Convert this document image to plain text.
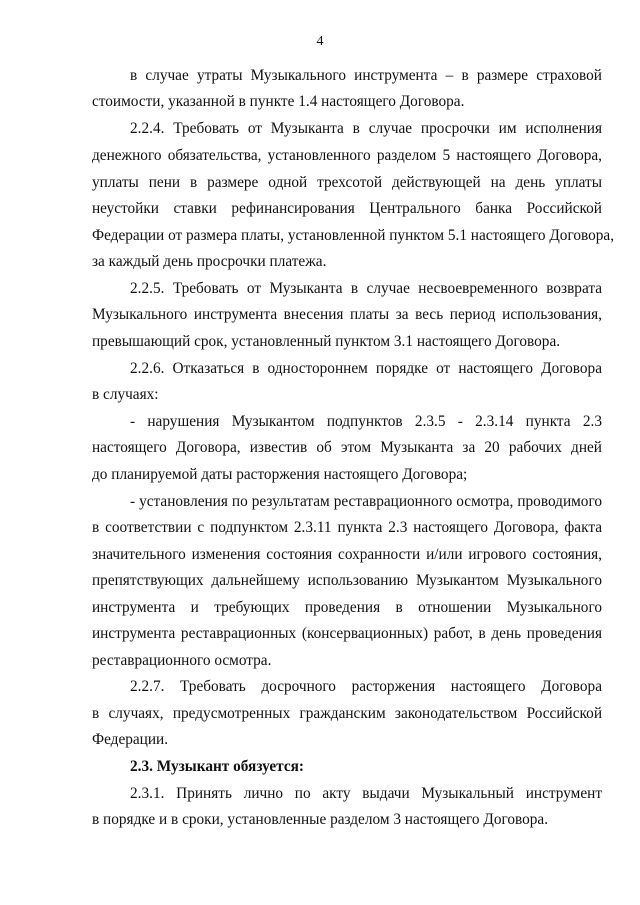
4
в случае утраты Музыкального инструмента – в размере страховой
стоимости, указанной в пункте 1.4 настоящего Договора.
2.2.4. Требовать от Музыканта в случае просрочки им исполнения
денежного обязательства, установленного разделом 5 настоящего Договора,
уплаты пени в размере одной трехсотой действующей на день уплаты
неустойки ставки рефинансирования Центрального банка Российской
Федерации от размера платы, установленной пунктом 5.1 настоящего Договора,
за каждый день просрочки платежа.
2.2.5. Требовать от Музыканта в случае несвоевременного возврата
Музыкального инструмента внесения платы за весь период использования,
превышающий срок, установленный пунктом 3.1 настоящего Договора.
2.2.6. Отказаться в одностороннем порядке от настоящего Договора
в случаях:
- нарушения Музыкантом подпунктов 2.3.5 - 2.3.14 пункта 2.3
настоящего Договора, известив об этом Музыканта за 20 рабочих дней
до планируемой даты расторжения настоящего Договора;
- установления по результатам реставрационного осмотра, проводимого
в соответствии с подпунктом 2.3.11 пункта 2.3 настоящего Договора, факта
значительного изменения состояния сохранности и/или игрового состояния,
препятствующих дальнейшему использованию Музыкантом Музыкального
инструмента и требующих проведения в отношении Музыкального
инструмента реставрационных (консервационных) работ, в день проведения
реставрационного осмотра.
2.2.7. Требовать досрочного расторжения настоящего Договора
в случаях, предусмотренных гражданским законодательством Российской
Федерации.
2.3. Музыкант обязуется:
2.3.1. Принять лично по акту выдачи Музыкальный инструмент
в порядке и в сроки, установленные разделом 3 настоящего Договора.
